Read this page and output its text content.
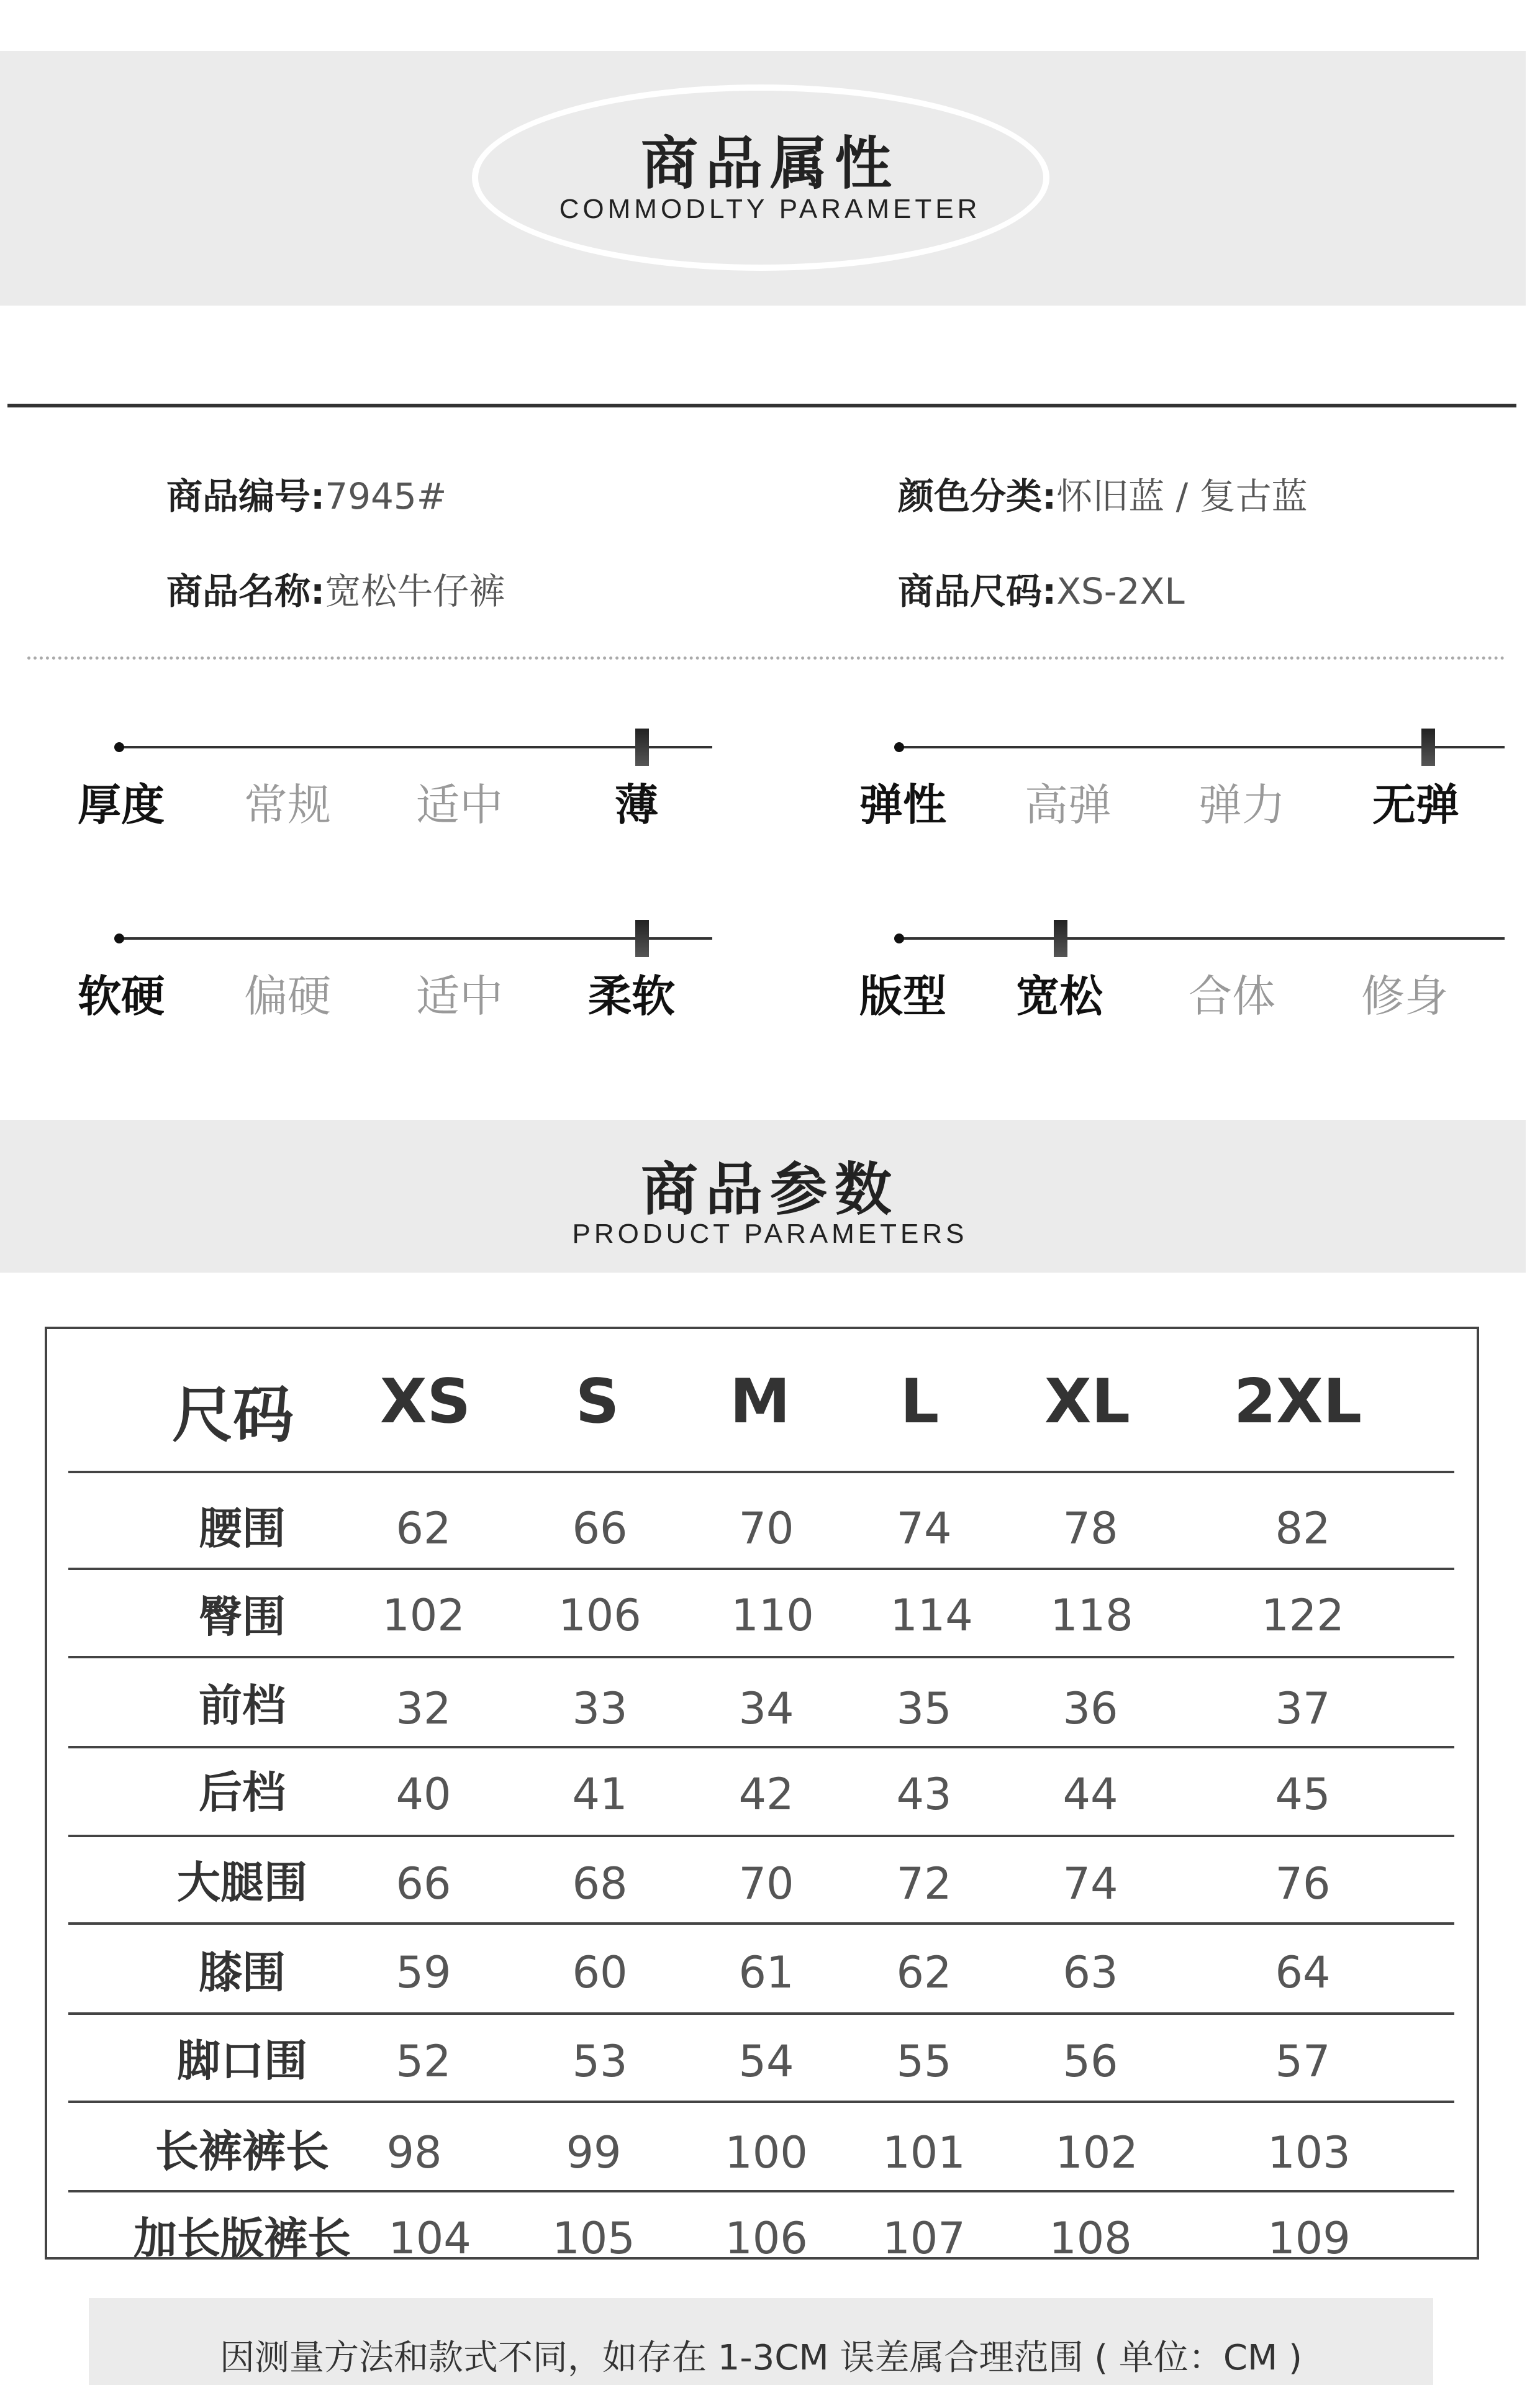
商品属性
COMMODLTY PARAMETER
商品编号:7945#	颜色分类:怀旧蓝 / 复古蓝
商品名称:宽松牛仔裤	商品尺码:XS-2XL
厚度	常规	适中	薄	弹性	高弹	弹力	无弹
软硬	偏硬	适中	柔软	版型	宽松	合体	修身
商品参数
PRODUCT PARAMETERS
尺码	XS	S	M	L	XL	2XL
腰围	62	66	70	74	78	82
臀围	102	106	110	114	118	122
前档	32	33	34	35	36	37
后档	40	41	42	43	44	45
大腿围	66	68	70	72	74	76
膝围	59	60	61	62	63	64
脚口围	52	53	54	55	56	57
长裤裤长	98	99	100	101	102	103
加长版裤长 104	105	106	107	108	109
因测量方法和款式不同，如存在 1-3CM 误差属合理范围 ( 单位：CM )
